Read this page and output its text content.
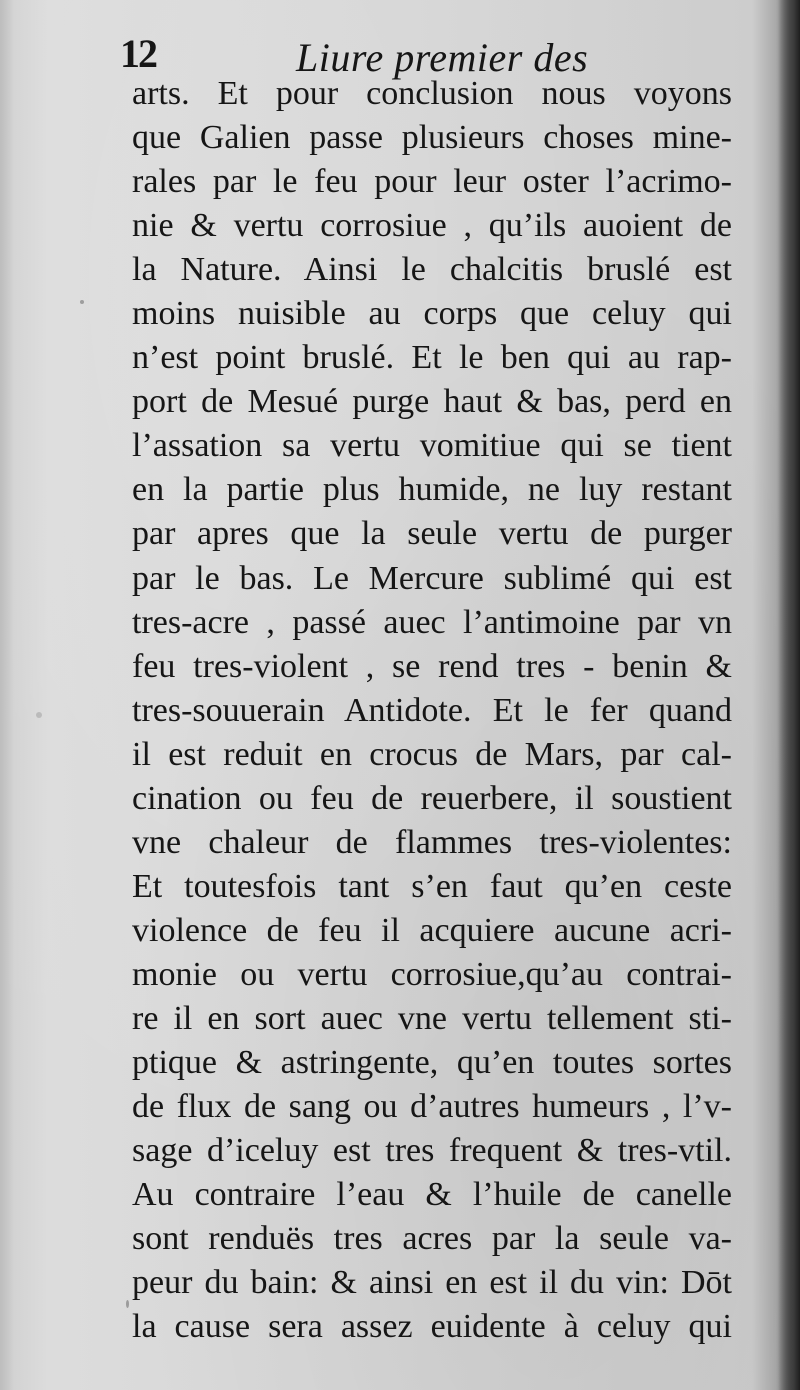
12	Liure premier des
arts. Et pour conclusion nous voyons
que Galien passe plusieurs choses mine-
rales par le feu pour leur oster l’acrimo-
nie & vertu corrosiue , qu’ils auoient de
la Nature. Ainsi le chalcitis bruslé est
moins nuisible au corps que celuy qui
n’est point bruslé. Et le ben qui au rap-
port de Mesué purge haut & bas, perd en
l’assation sa vertu vomitiue qui se tient
en la partie plus humide, ne luy restant
par apres que la seule vertu de purger
par le bas. Le Mercure sublimé qui est
tres-acre , passé auec l’antimoine par vn
feu tres-violent , se rend tres - benin &
tres-souuerain Antidote. Et le fer quand
il est reduit en crocus de Mars, par cal-
cination ou feu de reuerbere, il soustient
vne chaleur de flammes tres-violentes:
Et toutesfois tant s’en faut qu’en ceste
violence de feu il acquiere aucune acri-
monie ou vertu corrosiue,qu’au contrai-
re il en sort auec vne vertu tellement sti-
ptique & astringente, qu’en toutes sortes
de flux de sang ou d’autres humeurs , l’v-
sage d’iceluy est tres frequent & tres-vtil.
Au contraire l’eau & l’huile de canelle
sont renduës tres acres par la seule va-
peur du bain: & ainsi en est il du vin: Dōt
la cause sera assez euidente à celuy qui
